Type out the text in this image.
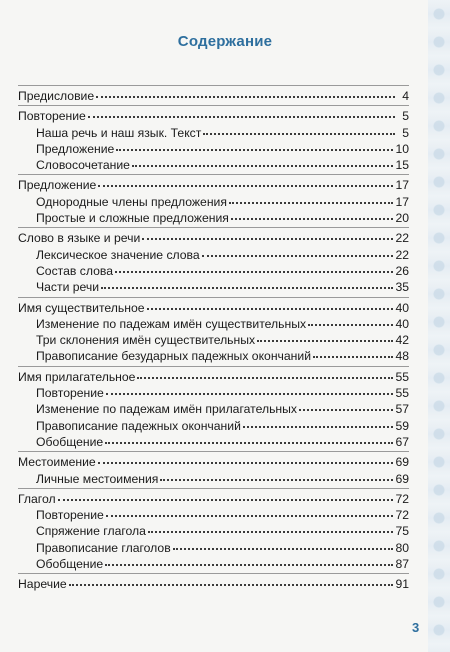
Содержание
Предисловие	4
Повторение	5
Наша речь и наш язык. Текст	5
Предложение	10
Словосочетание	15
Предложение	17
Однородные члены предложения	17
Простые и сложные предложения	20
Слово в языке и речи	22
Лексическое значение слова	22
Состав слова	26
Части речи	35
Имя существительное	40
Изменение по падежам имён существительных	40
Три склонения имён существительных	42
Правописание безударных падежных окончаний	48
Имя прилагательное	55
Повторение	55
Изменение по падежам имён прилагательных	57
Правописание падежных окончаний	59
Обобщение	67
Местоимение	69
Личные местоимения	69
Глагол	72
Повторение	72
Спряжение глагола	75
Правописание глаголов	80
Обобщение	87
Наречие	91
3
